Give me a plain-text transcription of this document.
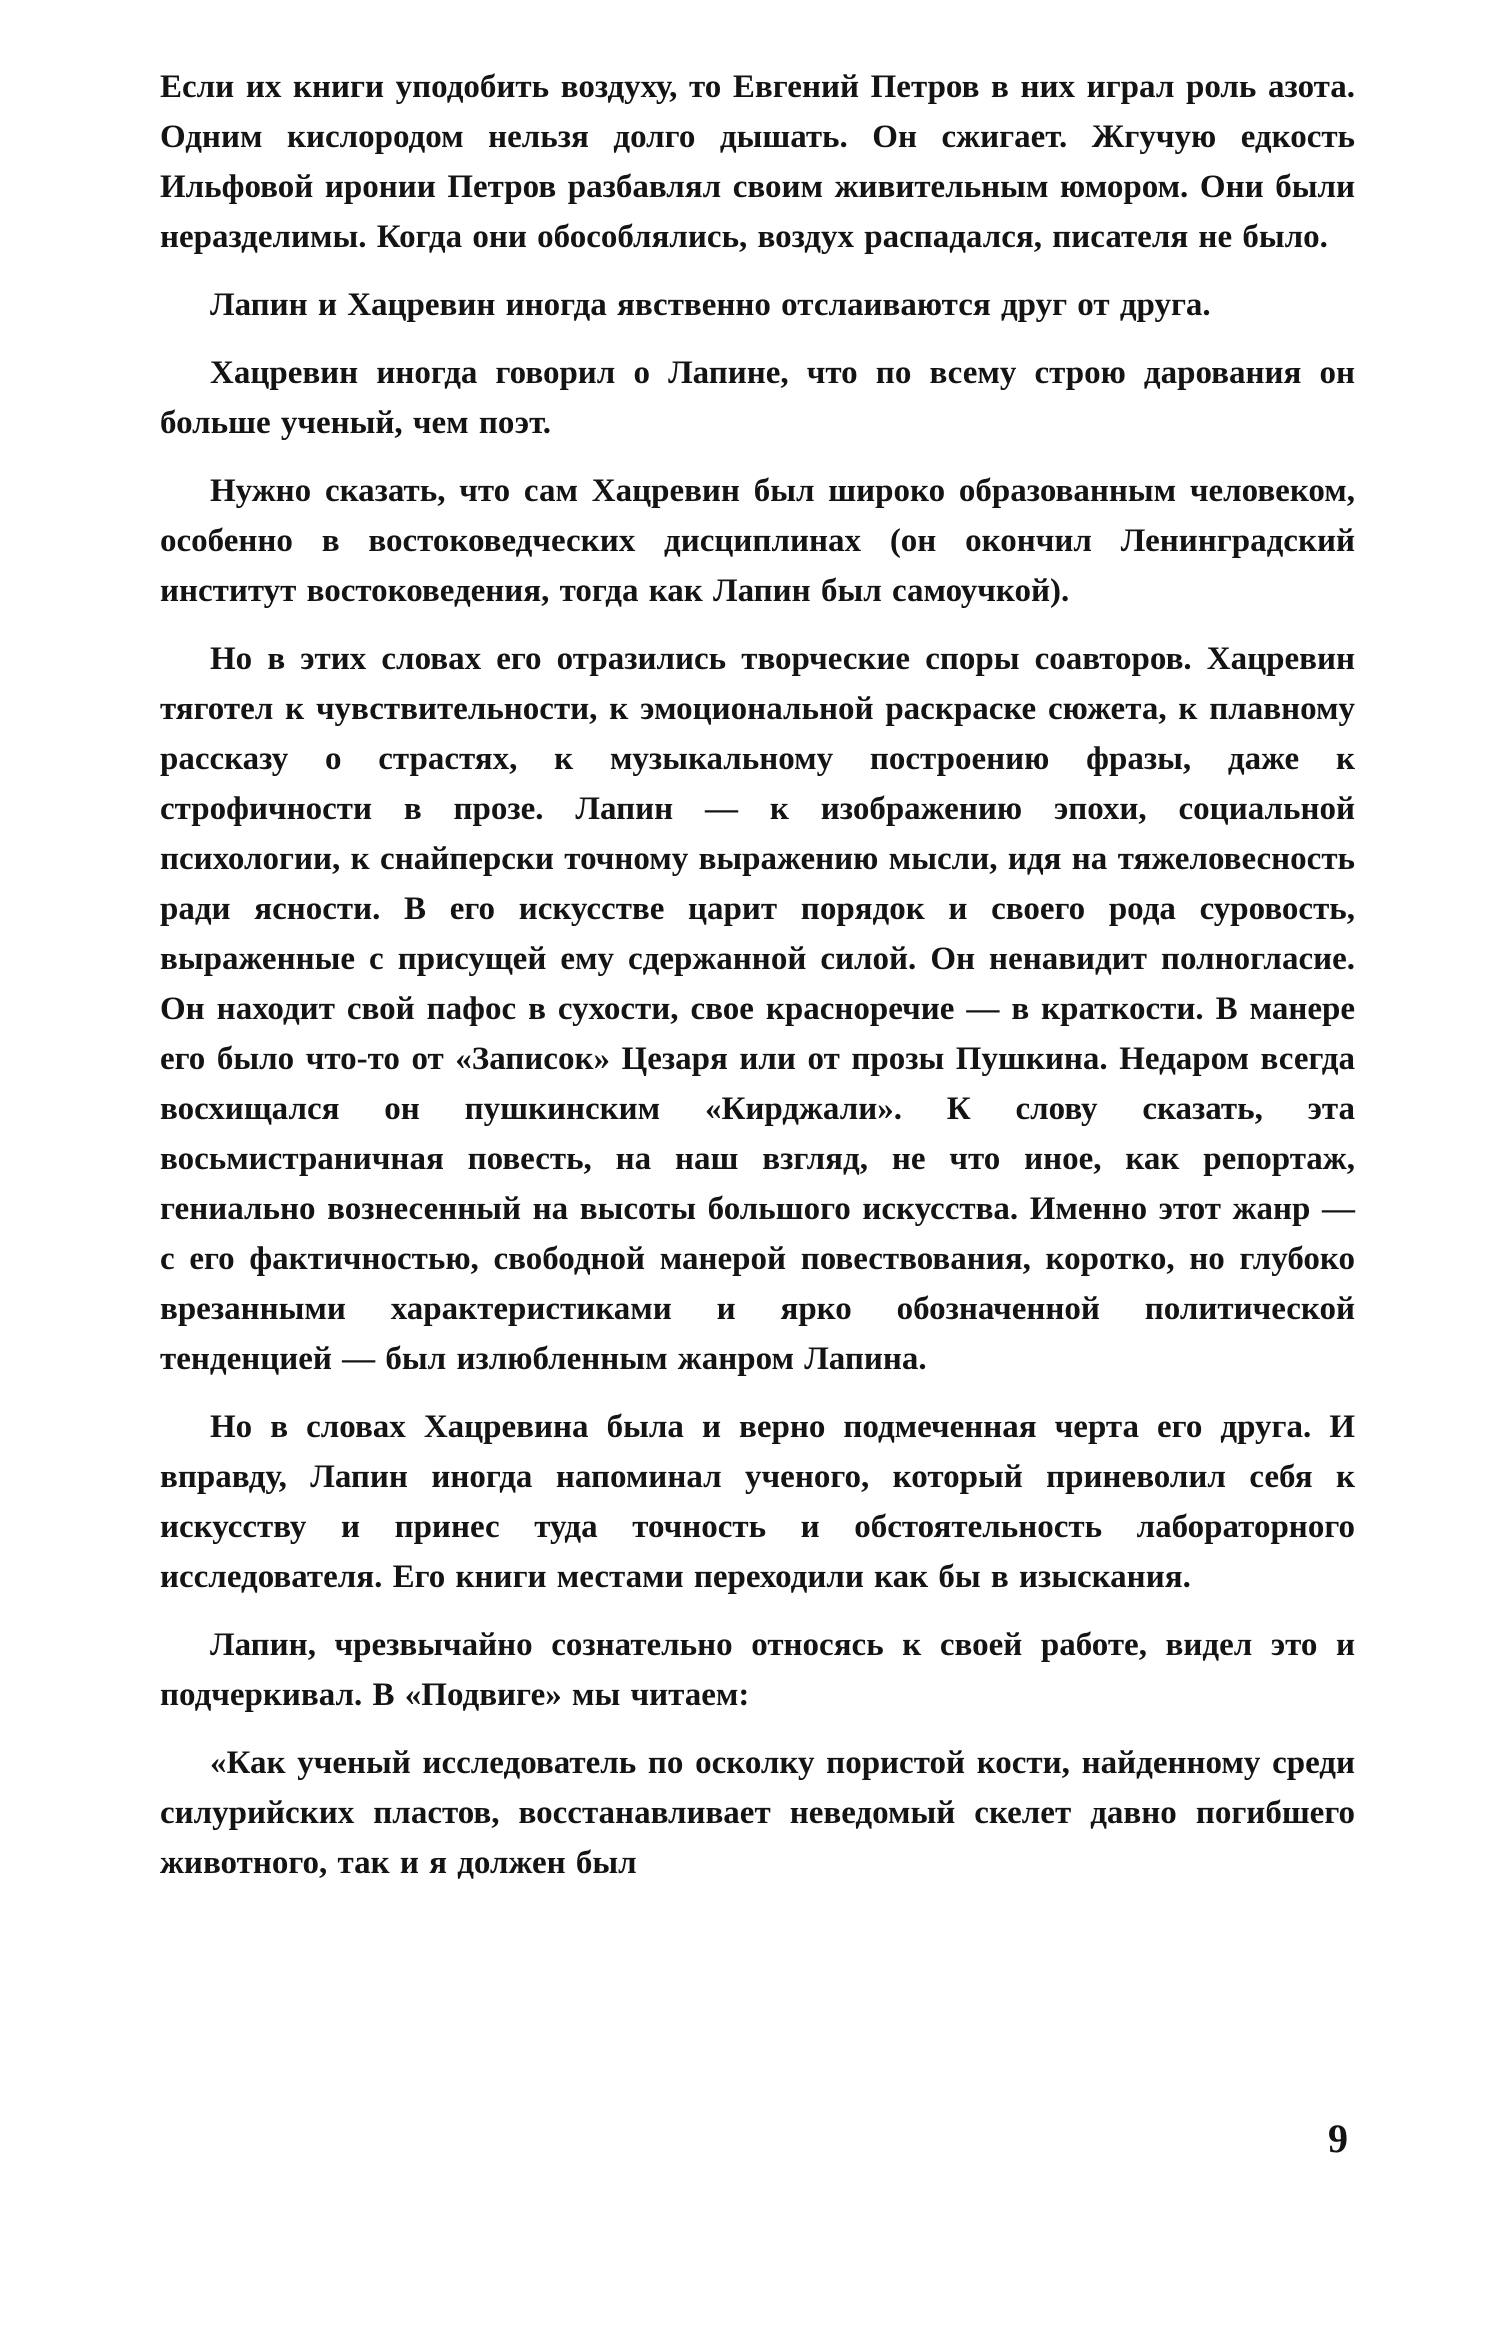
Если их книги уподобить воздуху, то Евгений Петров в них играл роль азота. Одним кислородом нельзя долго дышать. Он сжигает. Жгучую едкость Ильфовой иронии Петров разбавлял своим живительным юмором. Они были неразделимы. Когда они обособлялись, воздух распадался, писателя не было.

Лапин и Хацревин иногда явственно отслаиваются друг от друга.

Хацревин иногда говорил о Лапине, что по всему строю дарования он больше ученый, чем поэт.

Нужно сказать, что сам Хацревин был широко образованным человеком, особенно в востоковедческих дисциплинах (он окончил Ленинградский институт востоковедения, тогда как Лапин был самоучкой).

Но в этих словах его отразились творческие споры соавторов. Хацревин тяготел к чувствительности, к эмоциональной раскраске сюжета, к плавному рассказу о страстях, к музыкальному построению фразы, даже к строфичности в прозе. Лапин — к изображению эпохи, социальной психологии, к снайперски точному выражению мысли, идя на тяжеловесность ради ясности. В его искусстве царит порядок и своего рода суровость, выраженные с присущей ему сдержанной силой. Он ненавидит полногласие. Он находит свой пафос в сухости, свое красноречие — в краткости. В манере его было что-то от «Записок» Цезаря или от прозы Пушкина. Недаром всегда восхищался он пушкинским «Кирджали». К слову сказать, эта восьмистраничная повесть, на наш взгляд, не что иное, как репортаж, гениально вознесенный на высоты большого искусства. Именно этот жанр — с его фактичностью, свободной манерой повествования, коротко, но глубоко врезанными характеристиками и ярко обозначенной политической тенденцией — был излюбленным жанром Лапина.

Но в словах Хацревина была и верно подмеченная черта его друга. И вправду, Лапин иногда напоминал ученого, который приневолил себя к искусству и принес туда точность и обстоятельность лабораторного исследователя. Его книги местами переходили как бы в изыскания.

Лапин, чрезвычайно сознательно относясь к своей работе, видел это и подчеркивал. В «Подвиге» мы читаем:

«Как ученый исследователь по осколку пористой кости, найденному среди силурийских пластов, восстанавливает неведомый скелет давно погибшего животного, так и я должен был

9
